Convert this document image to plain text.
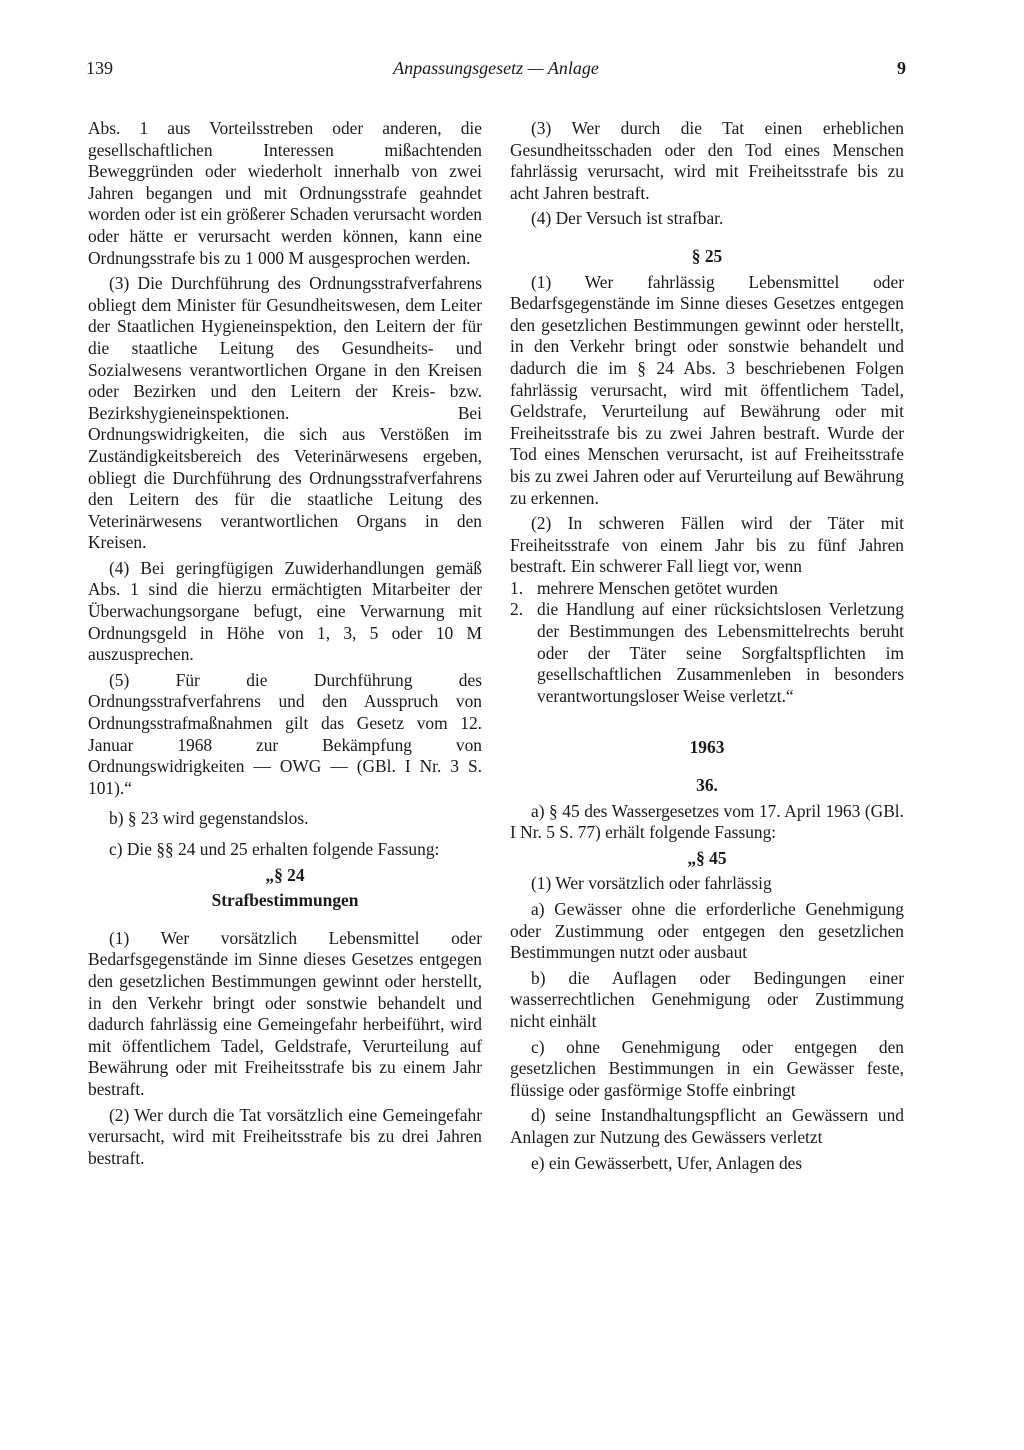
139	Anpassungsgesetz — Anlage	9

Abs. 1 aus Vorteilsstreben oder anderen, die gesellschaftlichen Interessen mißachtenden Beweggründen oder wiederholt innerhalb von zwei Jahren begangen und mit Ordnungsstrafe geahndet worden oder ist ein größerer Schaden verursacht worden oder hätte er verursacht werden können, kann eine Ordnungsstrafe bis zu 1 000 M ausgesprochen werden.

(3) Die Durchführung des Ordnungsstrafverfahrens obliegt dem Minister für Gesundheitswesen, dem Leiter der Staatlichen Hygieneinspektion, den Leitern der für die staatliche Leitung des Gesundheits- und Sozialwesens verantwortlichen Organe in den Kreisen oder Bezirken und den Leitern der Kreis- bzw. Bezirkshygieneinspektionen. Bei Ordnungswidrigkeiten, die sich aus Verstößen im Zuständigkeitsbereich des Veterinärwesens ergeben, obliegt die Durchführung des Ordnungsstrafverfahrens den Leitern des für die staatliche Leitung des Veterinärwesens verantwortlichen Organs in den Kreisen.

(4) Bei geringfügigen Zuwiderhandlungen gemäß Abs. 1 sind die hierzu ermächtigten Mitarbeiter der Überwachungsorgane befugt, eine Verwarnung mit Ordnungsgeld in Höhe von 1, 3, 5 oder 10 M auszusprechen.

(5) Für die Durchführung des Ordnungsstrafverfahrens und den Ausspruch von Ordnungsstrafmaßnahmen gilt das Gesetz vom 12. Januar 1968 zur Bekämpfung von Ordnungswidrigkeiten — OWG — (GBl. I Nr. 3 S. 101).“

b) § 23 wird gegenstandslos.

c) Die §§ 24 und 25 erhalten folgende Fassung:

„§ 24

Strafbestimmungen

(1) Wer vorsätzlich Lebensmittel oder Bedarfsgegenstände im Sinne dieses Gesetzes entgegen den gesetzlichen Bestimmungen gewinnt oder herstellt, in den Verkehr bringt oder sonstwie behandelt und dadurch fahrlässig eine Gemeingefahr herbeiführt, wird mit öffentlichem Tadel, Geldstrafe, Verurteilung auf Bewährung oder mit Freiheitsstrafe bis zu einem Jahr bestraft.

(2) Wer durch die Tat vorsätzlich eine Gemeingefahr verursacht, wird mit Freiheitsstrafe bis zu drei Jahren bestraft.

(3) Wer durch die Tat einen erheblichen Gesundheitsschaden oder den Tod eines Menschen fahrlässig verursacht, wird mit Freiheitsstrafe bis zu acht Jahren bestraft.

(4) Der Versuch ist strafbar.

§ 25

(1) Wer fahrlässig Lebensmittel oder Bedarfsgegenstände im Sinne dieses Gesetzes entgegen den gesetzlichen Bestimmungen gewinnt oder herstellt, in den Verkehr bringt oder sonstwie behandelt und dadurch die im § 24 Abs. 3 beschriebenen Folgen fahrlässig verursacht, wird mit öffentlichem Tadel, Geldstrafe, Verurteilung auf Bewährung oder mit Freiheitsstrafe bis zu zwei Jahren bestraft. Wurde der Tod eines Menschen verursacht, ist auf Freiheitsstrafe bis zu zwei Jahren oder auf Verurteilung auf Bewährung zu erkennen.

(2) In schweren Fällen wird der Täter mit Freiheitsstrafe von einem Jahr bis zu fünf Jahren bestraft. Ein schwerer Fall liegt vor, wenn

1. mehrere Menschen getötet wurden
2. die Handlung auf einer rücksichtslosen Verletzung der Bestimmungen des Lebensmittelrechts beruht oder der Täter seine Sorgfaltspflichten im gesellschaftlichen Zusammenleben in besonders verantwortungsloser Weise verletzt.“

1963

36.

a) § 45 des Wassergesetzes vom 17. April 1963 (GBl. I Nr. 5 S. 77) erhält folgende Fassung:

„§ 45

(1) Wer vorsätzlich oder fahrlässig

a) Gewässer ohne die erforderliche Genehmigung oder Zustimmung oder entgegen den gesetzlichen Bestimmungen nutzt oder ausbaut

b) die Auflagen oder Bedingungen einer wasserrechtlichen Genehmigung oder Zustimmung nicht einhält

c) ohne Genehmigung oder entgegen den gesetzlichen Bestimmungen in ein Gewässer feste, flüssige oder gasförmige Stoffe einbringt

d) seine Instandhaltungspflicht an Gewässern und Anlagen zur Nutzung des Gewässers verletzt

e) ein Gewässerbett, Ufer, Anlagen des
